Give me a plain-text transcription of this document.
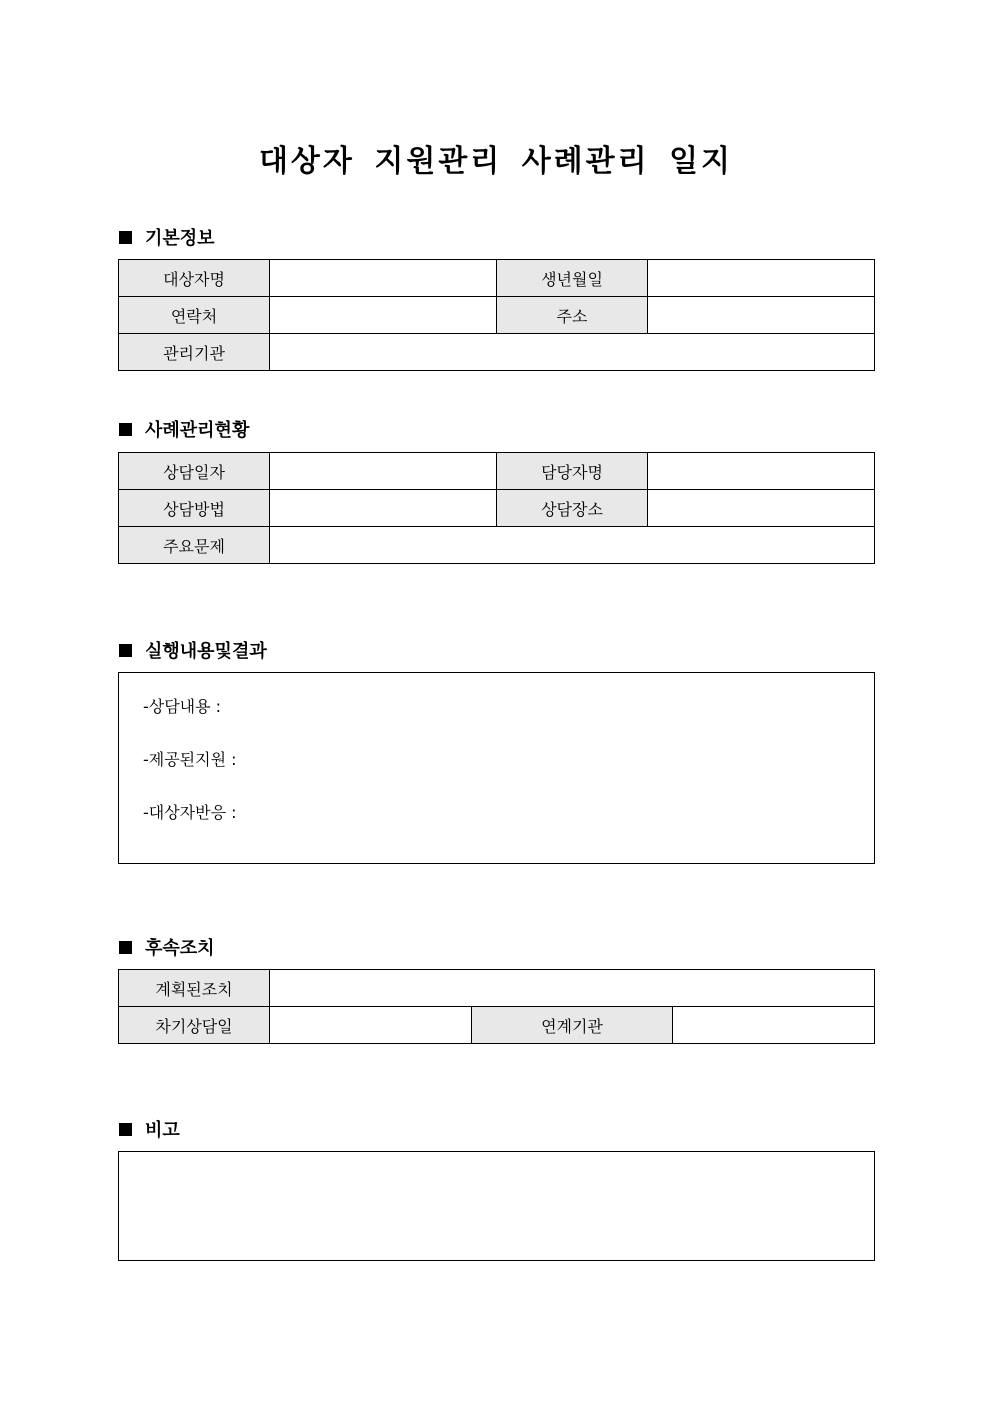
대상자 지원관리 사례관리 일지
기본정보
대상자명		생년월일	
연락처		주소	
관리기관			
사례관리현황
상담일자		담당자명	
상담방법		상담장소	
주요문제			
실행내용및결과
-상담내용 :
-제공된지원 :
-대상자반응 :
후속조치
계획된조치			
차기상담일		연계기관	
비고
